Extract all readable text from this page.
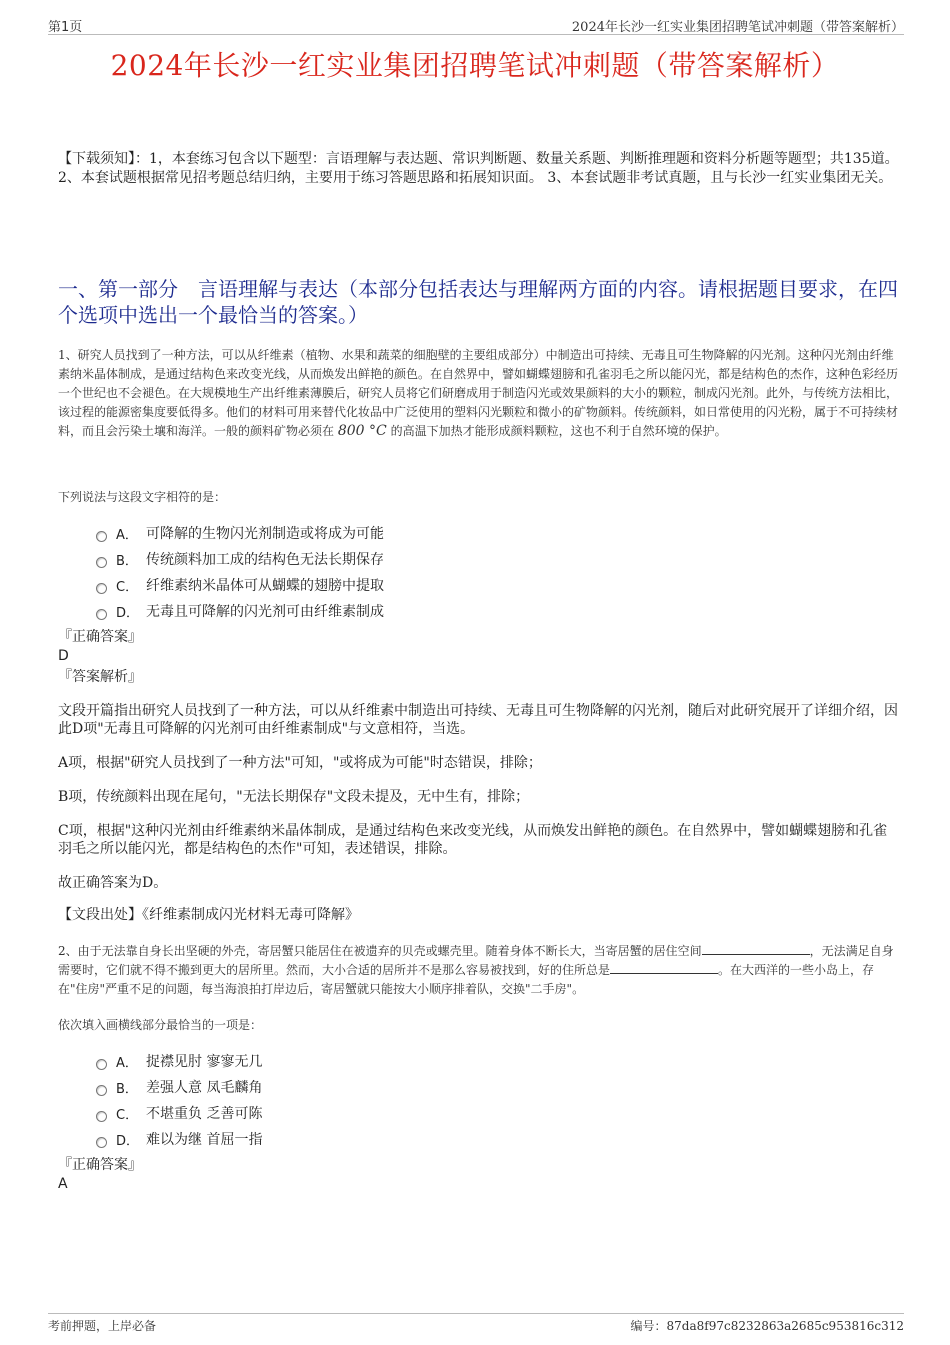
第1页	2024年长沙一红实业集团招聘笔试冲刺题（带答案解析）
2024年长沙一红实业集团招聘笔试冲刺题（带答案解析）
【下载须知】：1，本套练习包含以下题型：言语理解与表达题、常识判断题、数量关系题、判断推理题和资料分析题等题型；共135道。 2、本套试题根据常见招考题总结归纳，主要用于练习答题思路和拓展知识面。 3、本套试题非考试真题，且与长沙一红实业集团无关。
一、第一部分　言语理解与表达（本部分包括表达与理解两方面的内容。请根据题目要求，在四个选项中选出一个最恰当的答案。）
1、研究人员找到了一种方法，可以从纤维素（植物、水果和蔬菜的细胞壁的主要组成部分）中制造出可持续、无毒且可生物降解的闪光剂。这种闪光剂由纤维素纳米晶体制成，是通过结构色来改变光线，从而焕发出鲜艳的颜色。在自然界中，譬如蝴蝶翅膀和孔雀羽毛之所以能闪光，都是结构色的杰作，这种色彩经历一个世纪也不会褪色。在大规模地生产出纤维素薄膜后，研究人员将它们研磨成用于制造闪光或效果颜料的大小的颗粒，制成闪光剂。此外，与传统方法相比，该过程的能源密集度要低得多。他们的材料可用来替代化妆品中广泛使用的塑料闪光颗粒和微小的矿物颜料。传统颜料，如日常使用的闪光粉，属于不可持续材料，而且会污染土壤和海洋。一般的颜料矿物必须在 800 °C 的高温下加热才能形成颜料颗粒，这也不利于自然环境的保护。
下列说法与这段文字相符的是：
A． 可降解的生物闪光剂制造或将成为可能
B． 传统颜料加工成的结构色无法长期保存
C． 纤维素纳米晶体可从蝴蝶的翅膀中提取
D． 无毒且可降解的闪光剂可由纤维素制成
『正确答案』
D
『答案解析』
文段开篇指出研究人员找到了一种方法，可以从纤维素中制造出可持续、无毒且可生物降解的闪光剂，随后对此研究展开了详细介绍，因此D项"无毒且可降解的闪光剂可由纤维素制成"与文意相符，当选。
A项，根据"研究人员找到了一种方法"可知，"或将成为可能"时态错误，排除；
B项，传统颜料出现在尾句，"无法长期保存"文段未提及，无中生有，排除；
C项，根据"这种闪光剂由纤维素纳米晶体制成，是通过结构色来改变光线，从而焕发出鲜艳的颜色。在自然界中，譬如蝴蝶翅膀和孔雀羽毛之所以能闪光，都是结构色的杰作"可知，表述错误，排除。
故正确答案为D。
【文段出处】《纤维素制成闪光材料无毒可降解》
2、由于无法靠自身长出坚硬的外壳，寄居蟹只能居住在被遗弃的贝壳或螺壳里。随着身体不断长大，当寄居蟹的居住空间	，无法满足自身需要时，它们就不得不搬到更大的居所里。然而，大小合适的居所并不是那么容易被找到，好的住所总是	。在大西洋的一些小岛上，存在"住房"严重不足的问题，每当海浪拍打岸边后，寄居蟹就只能按大小顺序排着队，交换"二手房"。
依次填入画横线部分最恰当的一项是：
A． 捉襟见肘 寥寥无几
B． 差强人意 凤毛麟角
C． 不堪重负 乏善可陈
D． 难以为继 首屈一指
『正确答案』
A
考前押题，上岸必备	编号：87da8f97c8232863a2685c953816c312
